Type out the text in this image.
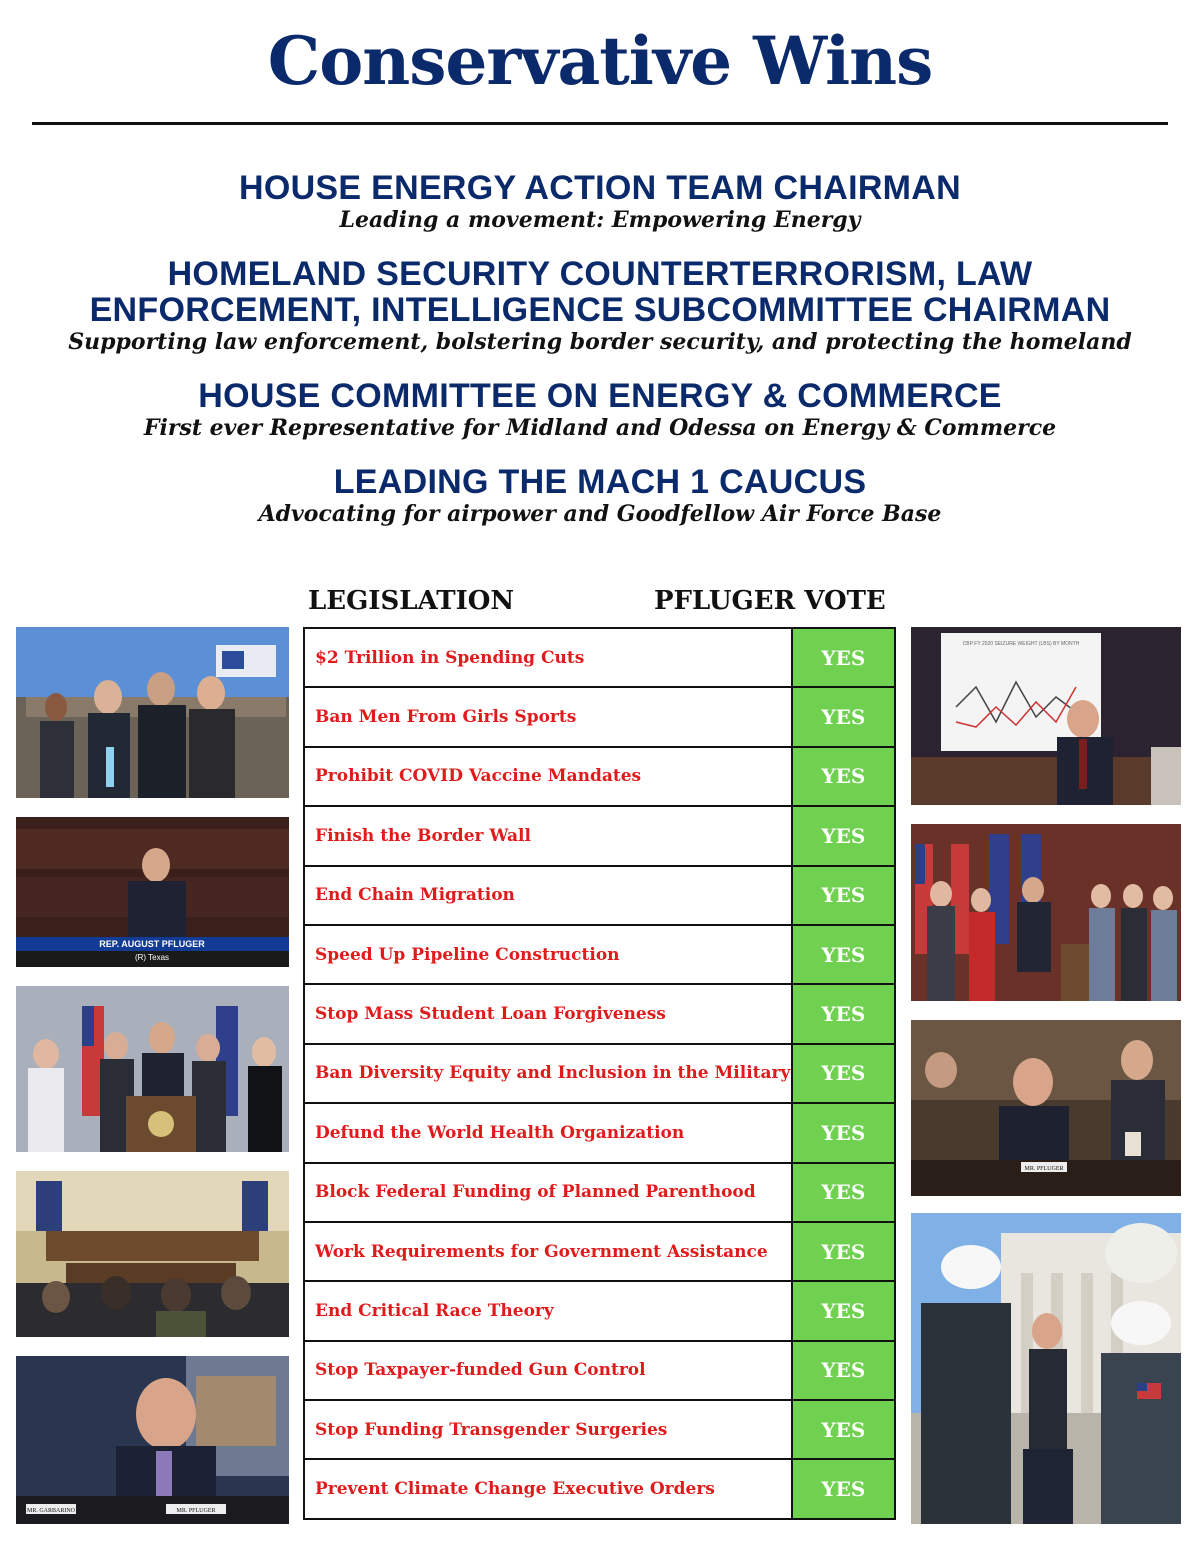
Conservative Wins
HOUSE ENERGY ACTION TEAM CHAIRMAN
Leading a movement: Empowering Energy
HOMELAND SECURITY COUNTERTERRORISM, LAW ENFORCEMENT, INTELLIGENCE SUBCOMMITTEE CHAIRMAN
Supporting law enforcement, bolstering border security, and protecting the homeland
HOUSE COMMITTEE ON ENERGY & COMMERCE
First ever Representative for Midland and Odessa on Energy & Commerce
LEADING THE MACH 1 CAUCUS
Advocating for airpower and Goodfellow Air Force Base
LEGISLATION	PFLUGER VOTE
$2 Trillion in Spending Cuts	YES
Ban Men From Girls Sports	YES
Prohibit COVID Vaccine Mandates	YES
Finish the Border Wall	YES
End Chain Migration	YES
Speed Up Pipeline Construction	YES
Stop Mass Student Loan Forgiveness	YES
Ban Diversity Equity and Inclusion in the Military	YES
Defund the World Health Organization	YES
Block Federal Funding of Planned Parenthood	YES
Work Requirements for Government Assistance	YES
End Critical Race Theory	YES
Stop Taxpayer-funded Gun Control	YES
Stop Funding Transgender Surgeries	YES
Prevent Climate Change Executive Orders	YES
REP. AUGUST PFLUGER
(R) Texas
MR. GARBARINO	MR. PFLUGER
CBP FY 2020 SEIZURE WEIGHT (LBS) BY MONTH
MR. PFLUGER
